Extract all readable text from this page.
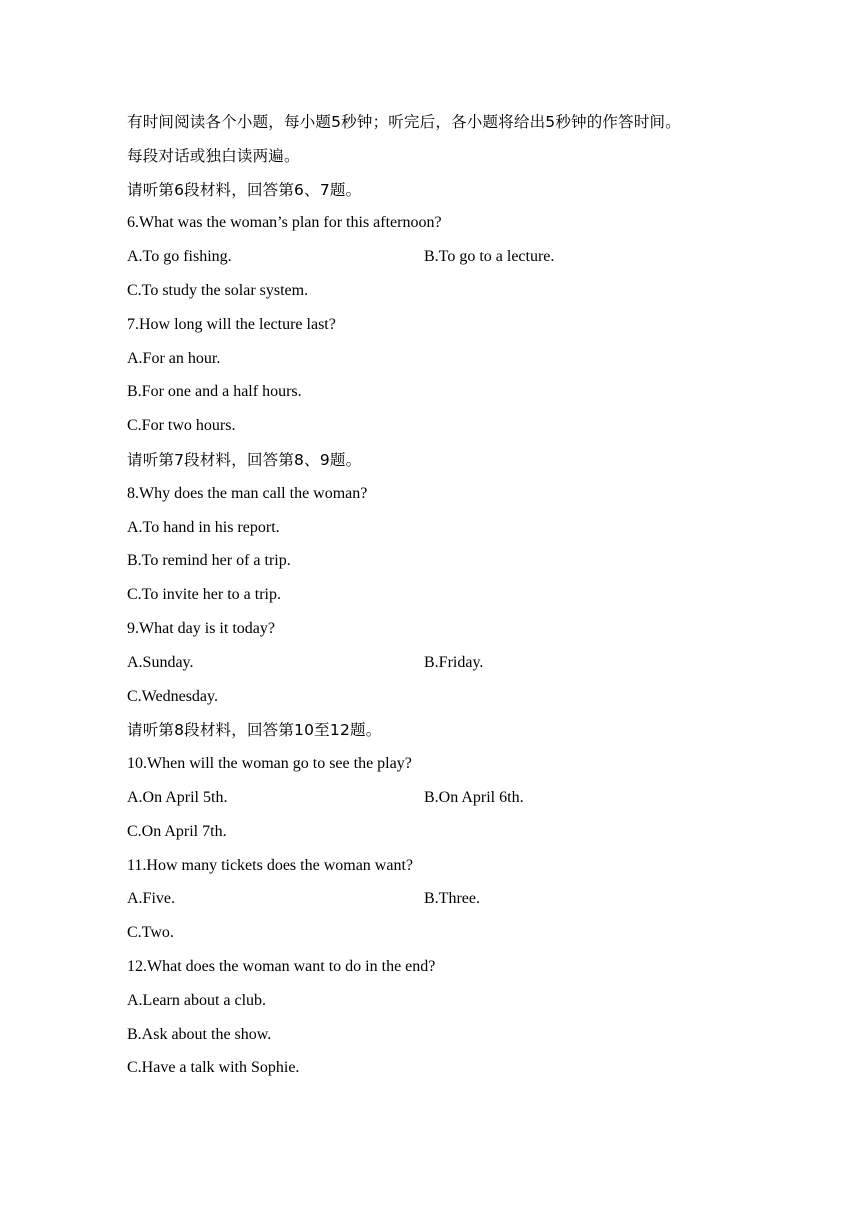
有时间阅读各个小题，每小题5秒钟；听完后，各小题将给出5秒钟的作答时间。
每段对话或独白读两遍。
请听第6段材料，回答第6、7题。
6.What was the woman’s plan for this afternoon?
A.To go fishing.	B.To go to a lecture.
C.To study the solar system.
7.How long will the lecture last?
A.For an hour.
B.For one and a half hours.
C.For two hours.
请听第7段材料，回答第8、9题。
8.Why does the man call the woman?
A.To hand in his report.
B.To remind her of a trip.
C.To invite her to a trip.
9.What day is it today?
A.Sunday.	B.Friday.
C.Wednesday.
请听第8段材料，回答第10至12题。
10.When will the woman go to see the play?
A.On April 5th.	B.On April 6th.
C.On April 7th.
11.How many tickets does the woman want?
A.Five.	B.Three.
C.Two.
12.What does the woman want to do in the end?
A.Learn about a club.
B.Ask about the show.
C.Have a talk with Sophie.
